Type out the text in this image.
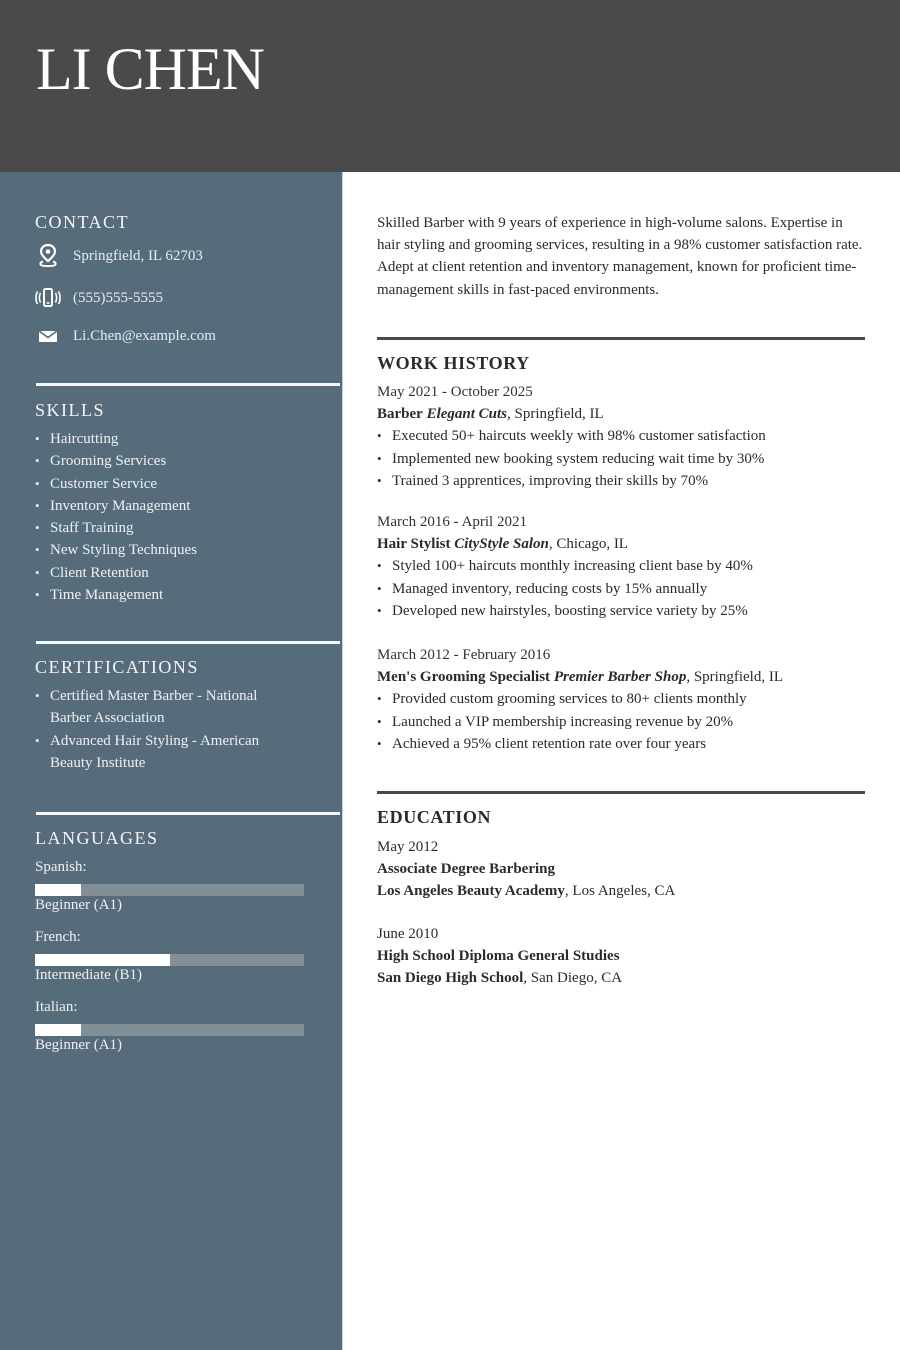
LI CHEN
CONTACT
Springfield, IL 62703
(555)555-5555
Li.Chen@example.com
SKILLS
• Haircutting
• Grooming Services
• Customer Service
• Inventory Management
• Staff Training
• New Styling Techniques
• Client Retention
• Time Management
CERTIFICATIONS
• Certified Master Barber - National Barber Association
• Advanced Hair Styling - American Beauty Institute
LANGUAGES
Spanish:
Beginner (A1)
French:
Intermediate (B1)
Italian:
Beginner (A1)

Skilled Barber with 9 years of experience in high-volume salons. Expertise in hair styling and grooming services, resulting in a 98% customer satisfaction rate. Adept at client retention and inventory management, known for proficient time-management skills in fast-paced environments.

WORK HISTORY
May 2021 - October 2025
Barber Elegant Cuts, Springfield, IL
• Executed 50+ haircuts weekly with 98% customer satisfaction
• Implemented new booking system reducing wait time by 30%
• Trained 3 apprentices, improving their skills by 70%
March 2016 - April 2021
Hair Stylist CityStyle Salon, Chicago, IL
• Styled 100+ haircuts monthly increasing client base by 40%
• Managed inventory, reducing costs by 15% annually
• Developed new hairstyles, boosting service variety by 25%
March 2012 - February 2016
Men's Grooming Specialist Premier Barber Shop, Springfield, IL
• Provided custom grooming services to 80+ clients monthly
• Launched a VIP membership increasing revenue by 20%
• Achieved a 95% client retention rate over four years
EDUCATION
May 2012
Associate Degree Barbering
Los Angeles Beauty Academy, Los Angeles, CA
June 2010
High School Diploma General Studies
San Diego High School, San Diego, CA
